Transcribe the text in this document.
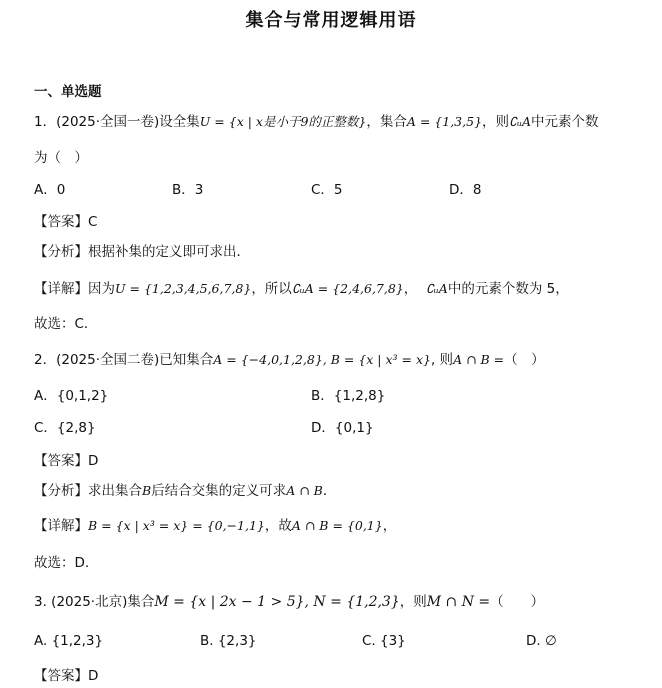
集合与常用逻辑用语
一、单选题
1．(2025·全国一卷)设全集U = {x | x是小于9的正整数}，集合A = {1,3,5}，则∁ᵤA中元素个数
为（　）
A．0	B．3	C．5	D．8
【答案】C
【分析】根据补集的定义即可求出．
【详解】因为U = {1,2,3,4,5,6,7,8}，所以∁ᵤA = {2,4,6,7,8}， ∁ᵤA中的元素个数为 5，
故选：C．
2．(2025·全国二卷)已知集合A = {−4,0,1,2,8}, B = {x | x³ = x}, 则A ∩ B =（　）
A．{0,1,2}	B．{1,2,8}
C．{2,8}	D．{0,1}
【答案】D
【分析】求出集合B后结合交集的定义可求A ∩ B．
【详解】B = {x | x³ = x} = {0,−1,1}，故A ∩ B = {0,1}，
故选：D.
3. (2025·北京)集合M = {x | 2x − 1 > 5}, N = {1,2,3}，则M ∩ N =（　　）
A. {1,2,3}	B. {2,3}	C. {3}	D. ∅
【答案】D
